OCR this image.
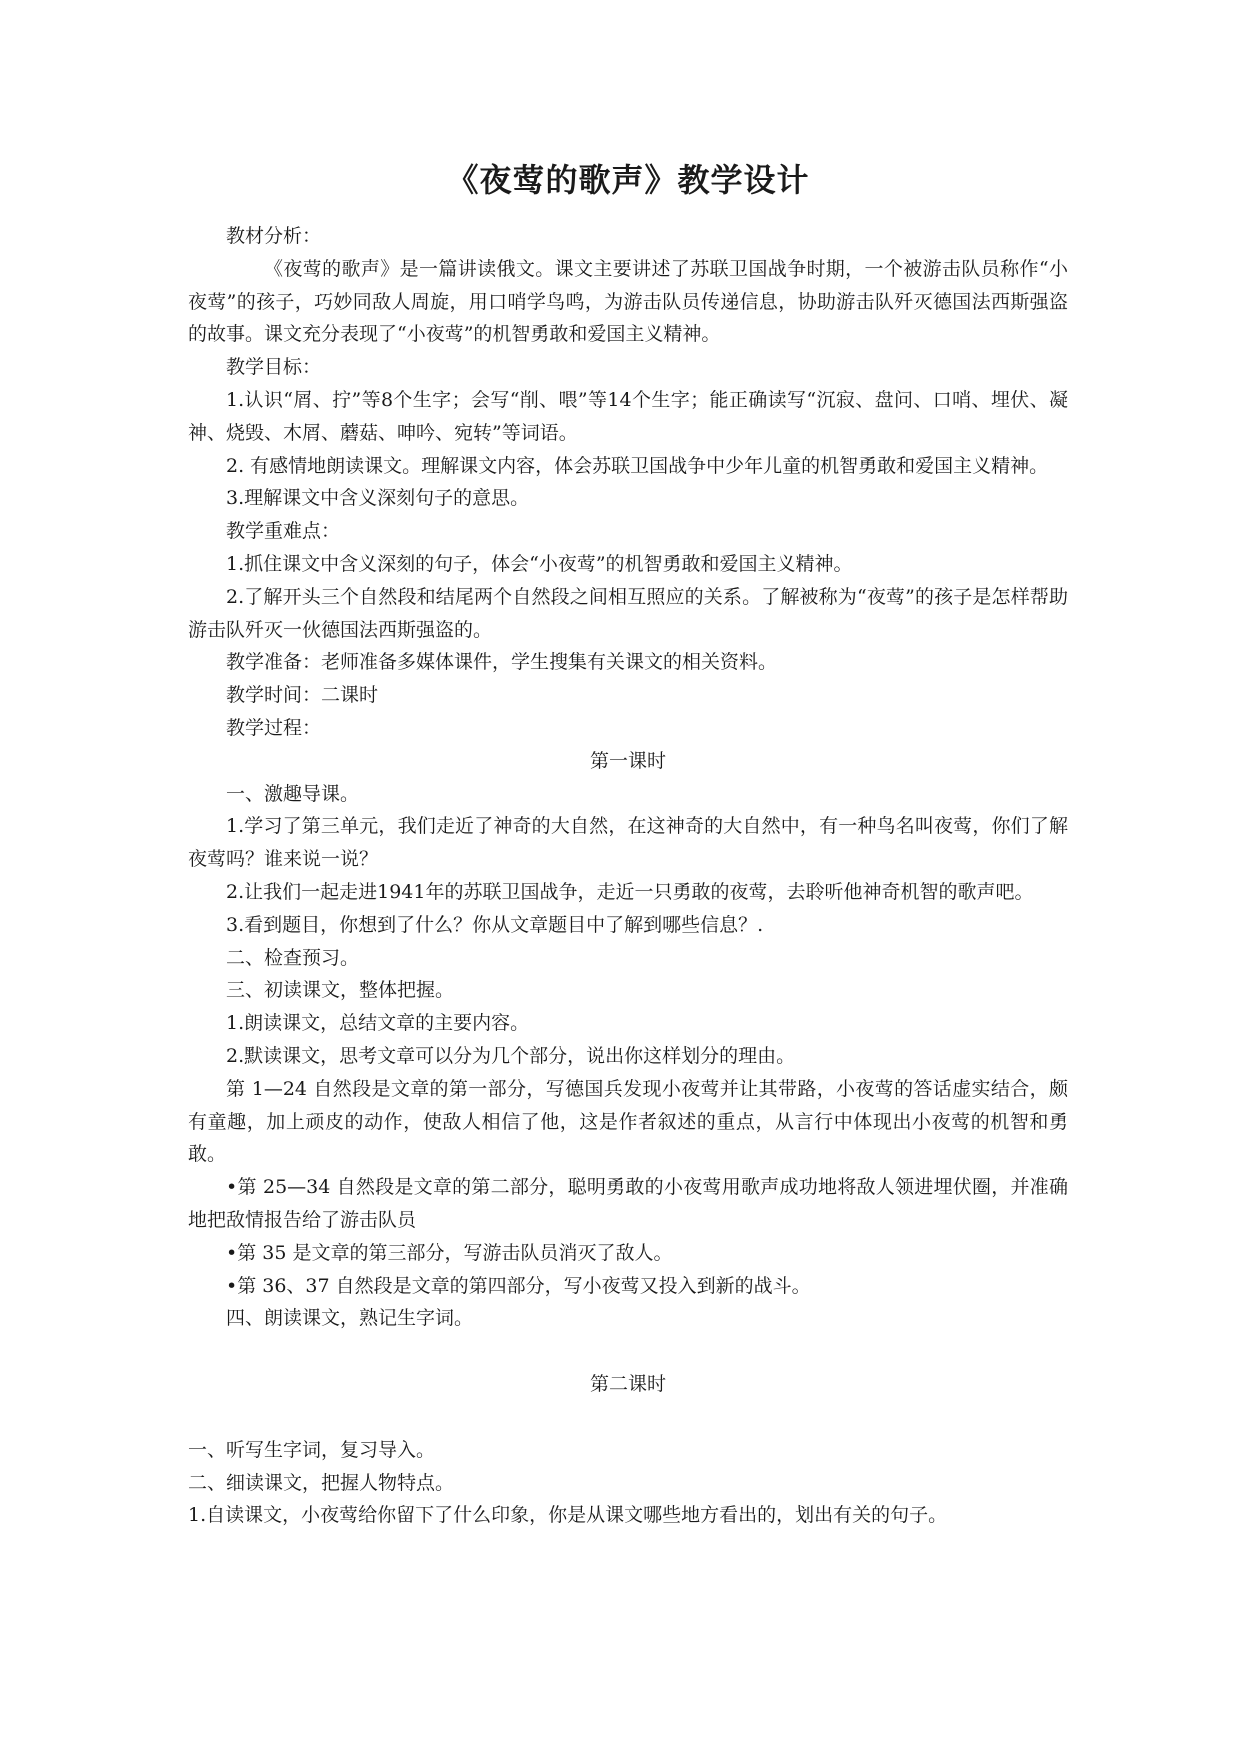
《夜莺的歌声》教学设计

教材分析：

《夜莺的歌声》是一篇讲读俄文。课文主要讲述了苏联卫国战争时期，一个被游击队员称作“小夜莺”的孩子，巧妙同敌人周旋，用口哨学鸟鸣，为游击队员传递信息，协助游击队歼灭德国法西斯强盗的故事。课文充分表现了“小夜莺”的机智勇敢和爱国主义精神。

教学目标：

1.认识“屑、拧”等8个生字；会写“削、喂”等14个生字；能正确读写“沉寂、盘问、口哨、埋伏、凝神、烧毁、木屑、蘑菇、呻吟、宛转”等词语。

2. 有感情地朗读课文。理解课文内容，体会苏联卫国战争中少年儿童的机智勇敢和爱国主义精神。

3.理解课文中含义深刻句子的意思。

教学重难点：

1.抓住课文中含义深刻的句子，体会“小夜莺”的机智勇敢和爱国主义精神。

2.了解开头三个自然段和结尾两个自然段之间相互照应的关系。了解被称为“夜莺”的孩子是怎样帮助游击队歼灭一伙德国法西斯强盗的。

教学准备：老师准备多媒体课件，学生搜集有关课文的相关资料。

教学时间：二课时

教学过程：

第一课时

一、激趣导课。

1.学习了第三单元，我们走近了神奇的大自然，在这神奇的大自然中，有一种鸟名叫夜莺，你们了解夜莺吗？谁来说一说？

2.让我们一起走进1941年的苏联卫国战争，走近一只勇敢的夜莺，去聆听他神奇机智的歌声吧。

3.看到题目，你想到了什么？你从文章题目中了解到哪些信息？.

二、检查预习。

三、初读课文，整体把握。

1.朗读课文，总结文章的主要内容。

2.默读课文，思考文章可以分为几个部分，说出你这样划分的理由。

第 1—24 自然段是文章的第一部分，写德国兵发现小夜莺并让其带路，小夜莺的答话虚实结合，颇有童趣，加上顽皮的动作，使敌人相信了他，这是作者叙述的重点，从言行中体现出小夜莺的机智和勇敢。

•第 25—34 自然段是文章的第二部分，聪明勇敢的小夜莺用歌声成功地将敌人领进埋伏圈，并准确地把敌情报告给了游击队员

•第 35 是文章的第三部分，写游击队员消灭了敌人。

•第 36、37 自然段是文章的第四部分，写小夜莺又投入到新的战斗。

四、朗读课文，熟记生字词。

第二课时

一、听写生字词，复习导入。

二、细读课文，把握人物特点。

1.自读课文，小夜莺给你留下了什么印象，你是从课文哪些地方看出的，划出有关的句子。
